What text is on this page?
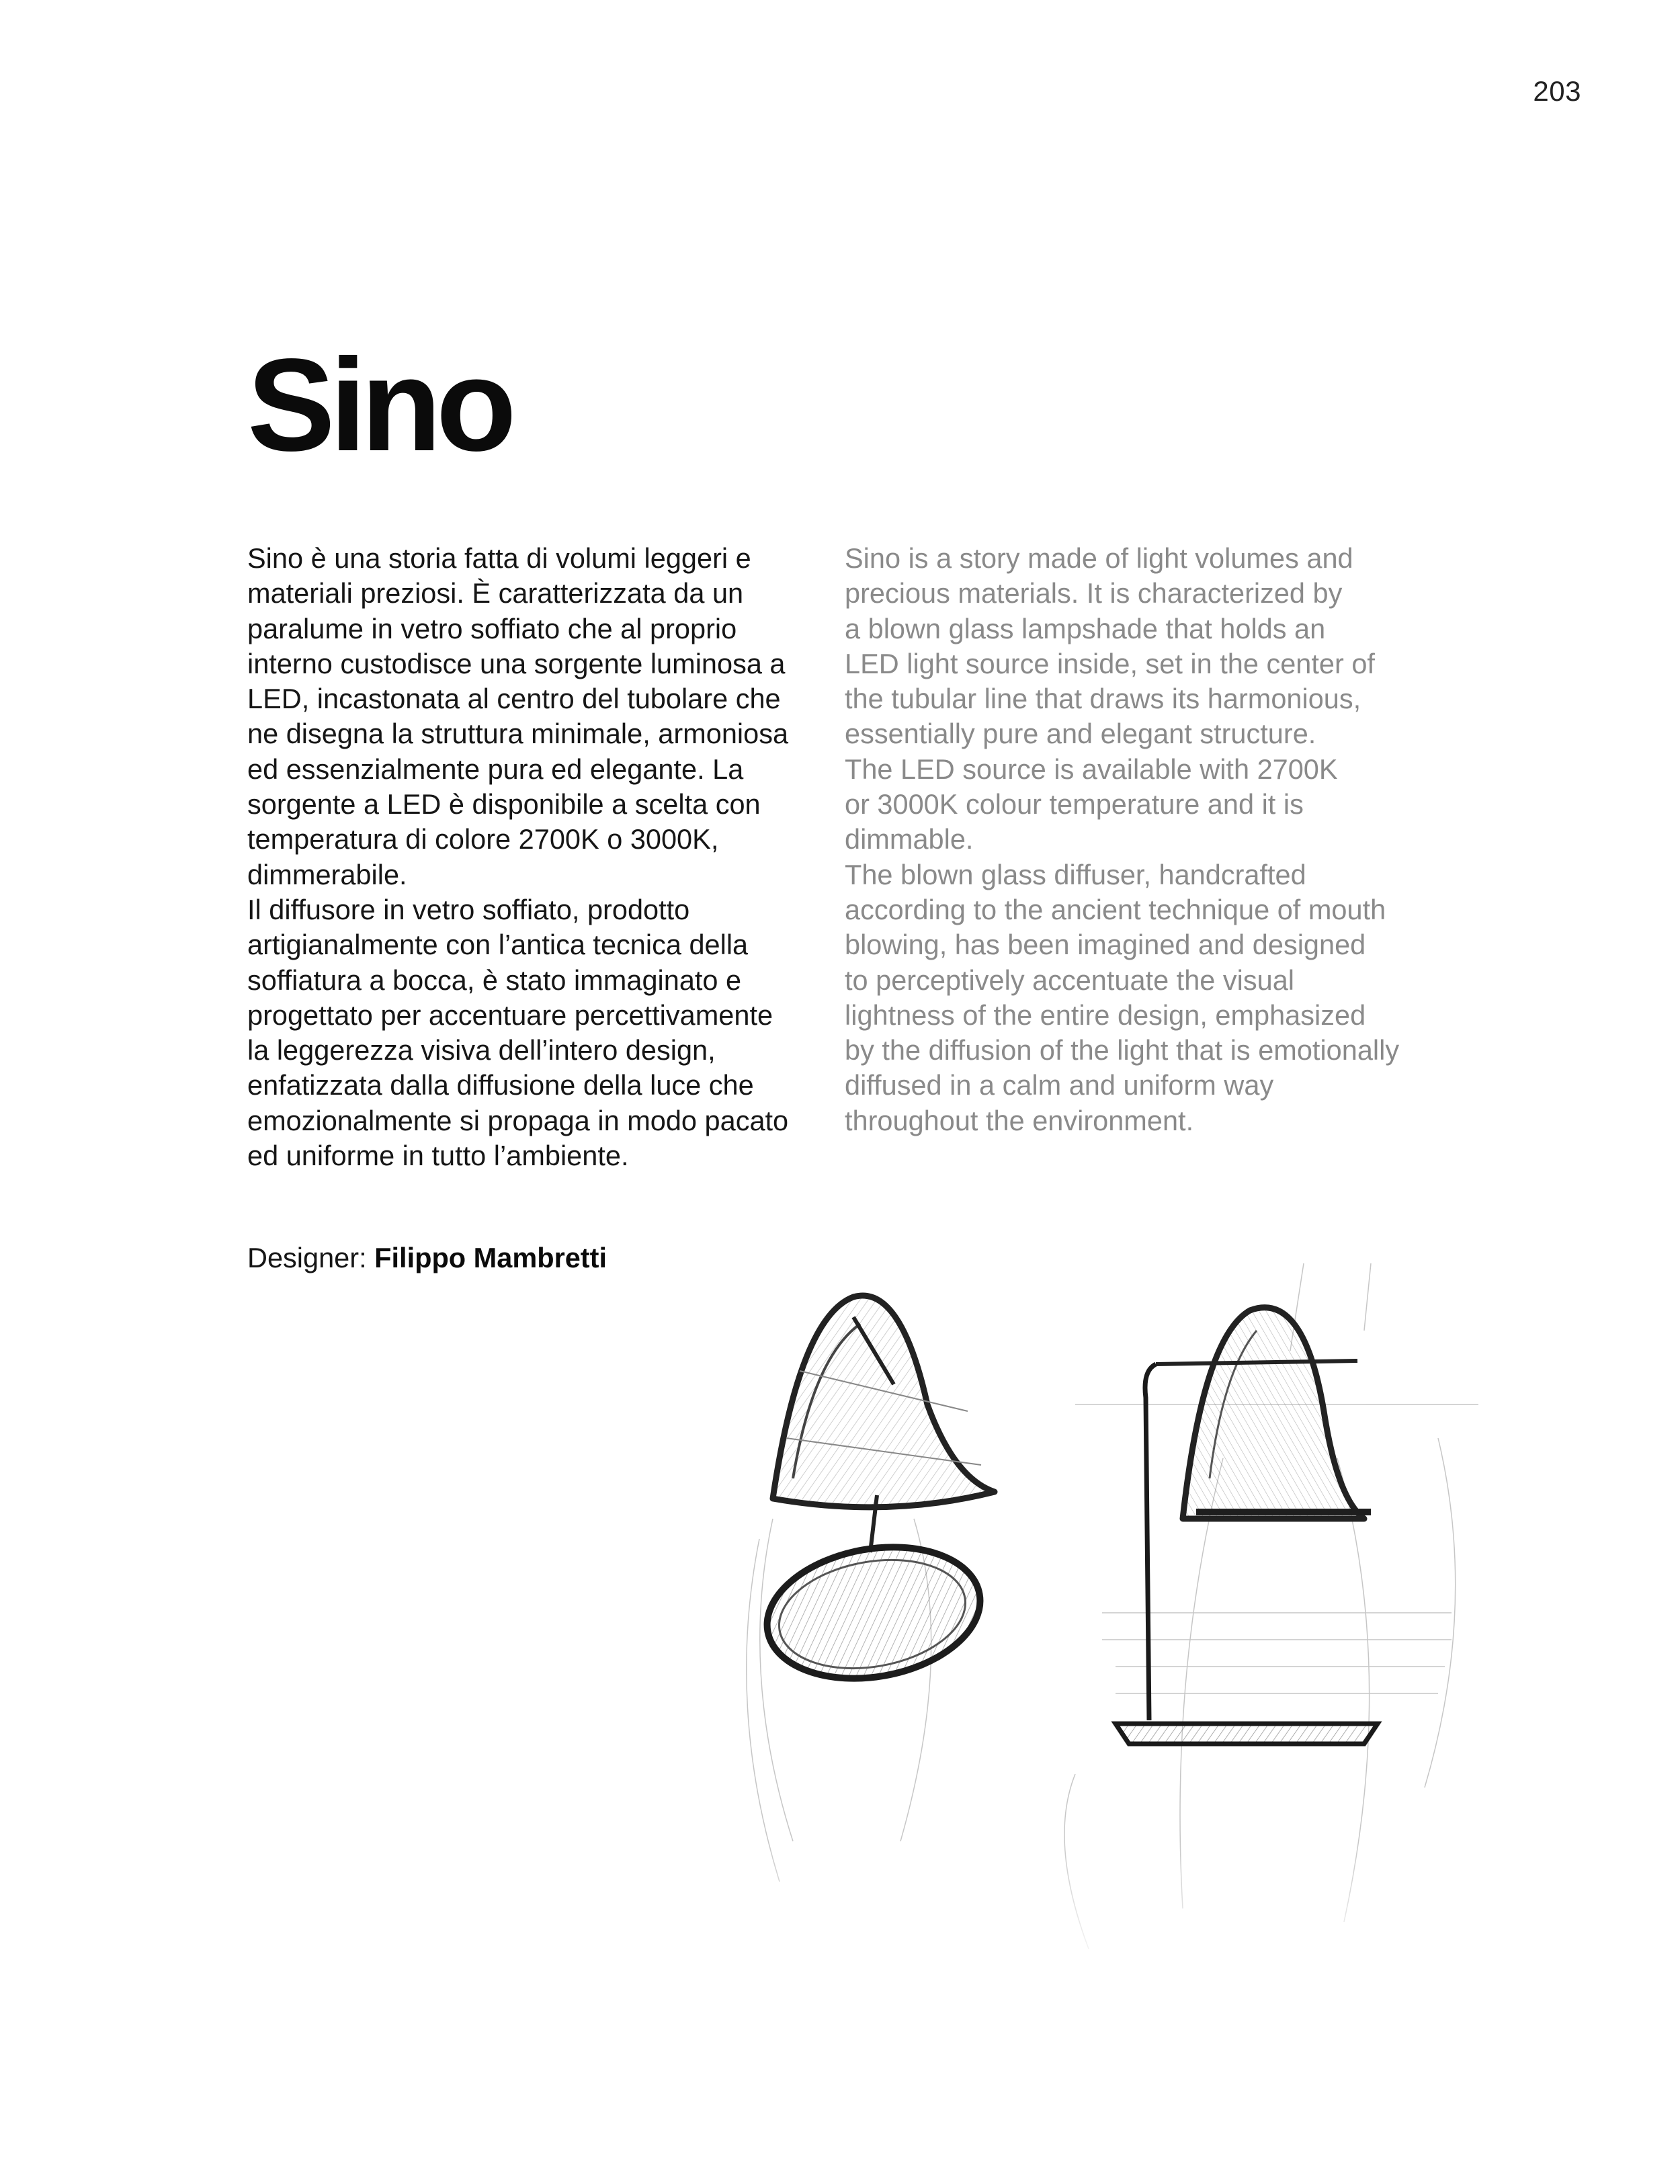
203
Sino

Sino è una storia fatta di volumi leggeri e
materiali preziosi. È caratterizzata da un
paralume in vetro soffiato che al proprio
interno custodisce una sorgente luminosa a
LED, incastonata al centro del tubolare che
ne disegna la struttura minimale, armoniosa
ed essenzialmente pura ed elegante. La
sorgente a LED è disponibile a scelta con
temperatura di colore 2700K o 3000K,
dimmerabile.
Il diffusore in vetro soffiato, prodotto
artigianalmente con l’antica tecnica della
soffiatura a bocca, è stato immaginato e
progettato per accentuare percettivamente
la leggerezza visiva dell’intero design,
enfatizzata dalla diffusione della luce che
emozionalmente si propaga in modo pacato
ed uniforme in tutto l’ambiente.

Sino is a story made of light volumes and
precious materials. It is characterized by
a blown glass lampshade that holds an
LED light source inside, set in the center of
the tubular line that draws its harmonious,
essentially pure and elegant structure.
The LED source is available with 2700K
or 3000K colour temperature and it is
dimmable.
The blown glass diffuser, handcrafted
according to the ancient technique of mouth
blowing, has been imagined and designed
to perceptively accentuate the visual
lightness of the entire design, emphasized
by the diffusion of the light that is emotionally
diffused in a calm and uniform way
throughout the environment.

Designer: Filippo Mambretti
